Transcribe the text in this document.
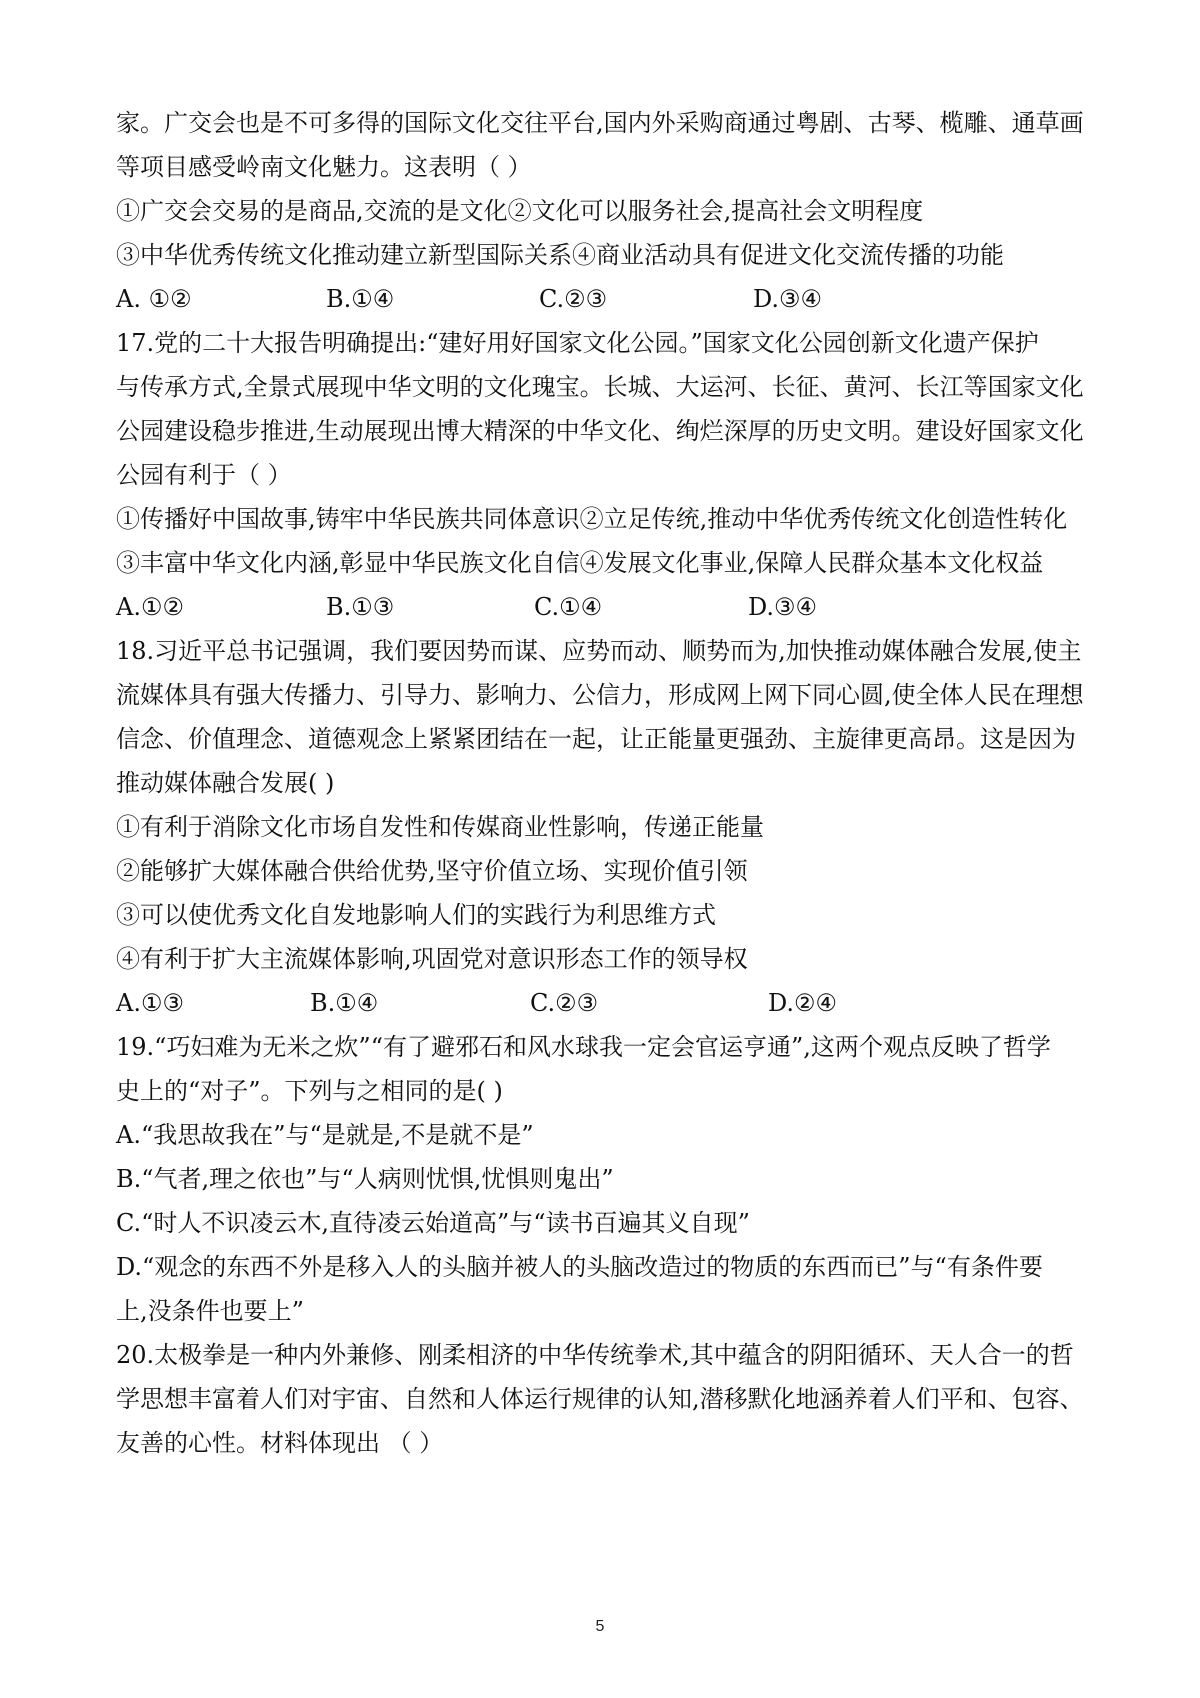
家。广交会也是不可多得的国际文化交往平台,国内外采购商通过粤剧、古琴、榄雕、通草画
等项目感受岭南文化魅力。这表明（ ）
①广交会交易的是商品,交流的是文化②文化可以服务社会,提高社会文明程度
③中华优秀传统文化推动建立新型国际关系④商业活动具有促进文化交流传播的功能
A. ①②	B.①④	C.②③	D.③④
17.党的二十大报告明确提出:“建好用好国家文化公园。”国家文化公园创新文化遗产保护
与传承方式,全景式展现中华文明的文化瑰宝。长城、大运河、长征、黄河、长江等国家文化
公园建设稳步推进,生动展现出博大精深的中华文化、绚烂深厚的历史文明。建设好国家文化
公园有利于（ ）
①传播好中国故事,铸牢中华民族共同体意识②立足传统,推动中华优秀传统文化创造性转化
③丰富中华文化内涵,彰显中华民族文化自信④发展文化事业,保障人民群众基本文化权益
A.①②	B.①③	C.①④	D.③④
18.习近平总书记强调，我们要因势而谋、应势而动、顺势而为,加快推动媒体融合发展,使主
流媒体具有强大传播力、引导力、影响力、公信力，形成网上网下同心圆,使全体人民在理想
信念、价值理念、道德观念上紧紧团结在一起，让正能量更强劲、主旋律更高昂。这是因为
推动媒体融合发展( )
①有利于消除文化市场自发性和传媒商业性影响，传递正能量
②能够扩大媒体融合供给优势,坚守价值立场、实现价值引领
③可以使优秀文化自发地影响人们的实践行为利思维方式
④有利于扩大主流媒体影响,巩固党对意识形态工作的领导权
A.①③	B.①④	C.②③	D.②④
19.“巧妇难为无米之炊”“有了避邪石和风水球我一定会官运亨通”,这两个观点反映了哲学
史上的“对子”。下列与之相同的是( )
A.“我思故我在”与“是就是,不是就不是”
B.“气者,理之依也”与“人病则忧惧,忧惧则鬼出”
C.“时人不识凌云木,直待凌云始道高”与“读书百遍其义自现”
D.“观念的东西不外是移入人的头脑并被人的头脑改造过的物质的东西而已”与“有条件要
上,没条件也要上”
20.太极拳是一种内外兼修、刚柔相济的中华传统拳术,其中蕴含的阴阳循环、天人合一的哲
学思想丰富着人们对宇宙、自然和人体运行规律的认知,潜移默化地涵养着人们平和、包容、
友善的心性。材料体现出 （ ）
5
